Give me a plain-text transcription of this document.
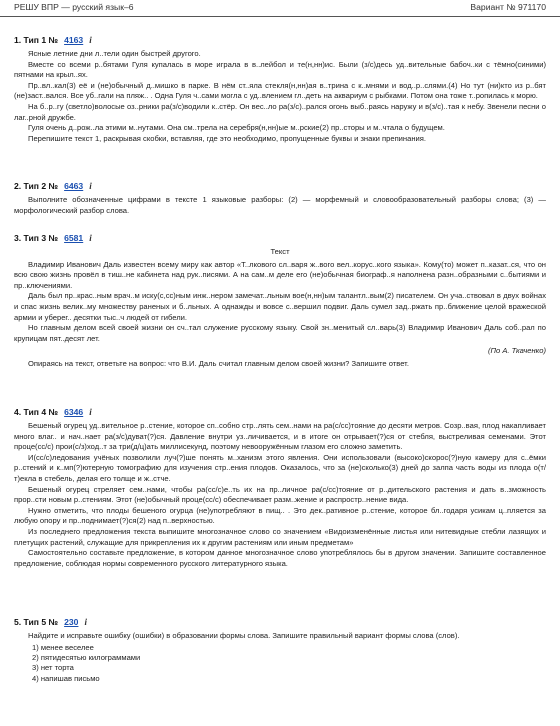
РЕШУ ВПР — русский язык–6	Вариант № 971170
1. Тип 1 № 4163 i

Ясные летние дни л..тели один быстрей другого.

Вместе со всеми р..бятами Гуля купалась в море играла в в..лейбол и те(н,нн)ис. Были (з/с)десь уд..вительные бабоч..ки с тёмно(синими) пятнами на крыл..ях.

Пр..вл..кал(3) её и (не)обычный д..мишко в парке. В нём ст..яла стекля(н,нн)ая в..трина с к..мнями и вод..р..слями.(4) Но тут (ни)кто из р..бят (не)заст..вался. Все уб..гали на пляж.. . Одна Гуля ч..сами могла с уд..влением гл..деть на аквариум с рыбками. Потом она тоже т..ропилась к морю.

На б..р..гу (светло)волосые оз..рники ра(з/с)водили к..стёр. Он вес..ло ра(з/с)..рался огонь выб..раясь наружу и в(з/с)..тая к небу. Звенели песни о лаг..рной дружбе.

Гуля очень д..рож..ла этими м..нутами. Она см..трела на серебря(н,нн)ые м..рские(2) пр..сторы и м..чтала о будущем.

Перепишите текст 1, раскрывая скобки, вставляя, где это необходимо, пропущенные буквы и знаки препинания.

2. Тип 2 № 6463 i

Выполните обозначенные цифрами в тексте 1 языковые разборы: (2) — морфемный и словообразовательный разборы слова; (3) — морфологический разбор слова.

3. Тип 3 № 6581 i
Текст

Владимир Иванович Даль известен всему миру как автор «Т..лкового сл..варя ж..вого вел..корус..кого языка». Кому(то) может п..казат..ся, что он всю свою жизнь провёл в тиш..не кабинета над рук..писями. А на сам..м деле его (не)обычная биограф..я наполнена разн..образными с..бытиями и пр..ключениями.

Даль был пр..крас..ным врач..м иску(с,сс)ным инж..нером замечат..льным вое(н,нн)ым талантл..вым(2) писателем. Он уча..ствовал в двух войнах и спас жизнь велик..му множеству раненых и б..льных. А однажды и вовсе с..вершил подвиг. Даль сумел зад..ржать пр..ближение целой вражеской армии и уберег.. десятки тыс..ч людей от гибели.

Но главным делом всей своей жизни он сч..тал служение русскому языку. Свой зн..менитый сл..варь(3) Владимир Иванович Даль соб..рал по крупицам пят..десят лет.

(По А. Ткаченко)

Опираясь на текст, ответьте на вопрос: что В.И. Даль считал главным делом своей жизни? Запишите ответ.

4. Тип 4 № 6346 i

Бешеный огурец уд..вительное р..стение, которое сп..собно стр..лять сем..нами на ра(с/сс)тояние до десяти метров. Созр..вая, плод накапливает много влаг.. и нач..нает ра(з/с)дуват(?)ся. Давление внутри уз..личивается, и в итоге он отрывает(?)ся от стебля, выстреливая семенами. Этот проце(сс/с) прои(с/з)ход..т за три(д/ц)ать миллисекунд, поэтому невооружённым глазом его сложно заметить.

И(сс/с)ледования учёных позволили луч(?)ше понять м..ханизм этого явления. Они использовали (высоко)скорос(?)ную камеру для с..ёмки р..стений и к..мп(?)ютерную томографию для изучения стр..ения плодов. Оказалось, что за (не)сколько(3) дней до залпа часть воды из плода о(т/т)екла в стебель, делая его толще и ж..стче.

Бешеный огурец стреляет сем..нами, чтобы ра(сс/с)е..ть их на пр..личное ра(с/сс)тояние от р..дительского растения и дать в..зможность прор..сти новым р..стениям. Этот (не)обычный проце(сс/с) обеспечивает разм..жение и распростр..нение вида.

Нужно отметить, что плоды бешеного огурца (не)употребляют в пищ.. . Это дек..ративное р..стение, которое бл..годаря усикам ц..пляется за любую опору и пр..поднимает(?)ся(2) над п..верхностью.

Из последнего предложения текста выпишите многозначное слово со значением «Видоизменённые листья или нитевидные стебли лазящих и плетущих растений, служащие для прикрепления их к другим растениям или иным предметам»

Самостоятельно составьте предложение, в котором данное многозначное слово употреблялось бы в другом значении. Запишите составленное предложение, соблюдая нормы современного русского литературного языка.

5. Тип 5 № 230 i

Найдите и исправьте ошибку (ошибки) в образовании формы слова. Запишите правильный вариант формы слова (слов).

1) менее веселее
2) пятидесятью килограммами
3) нет торта
4) напишав письмо
